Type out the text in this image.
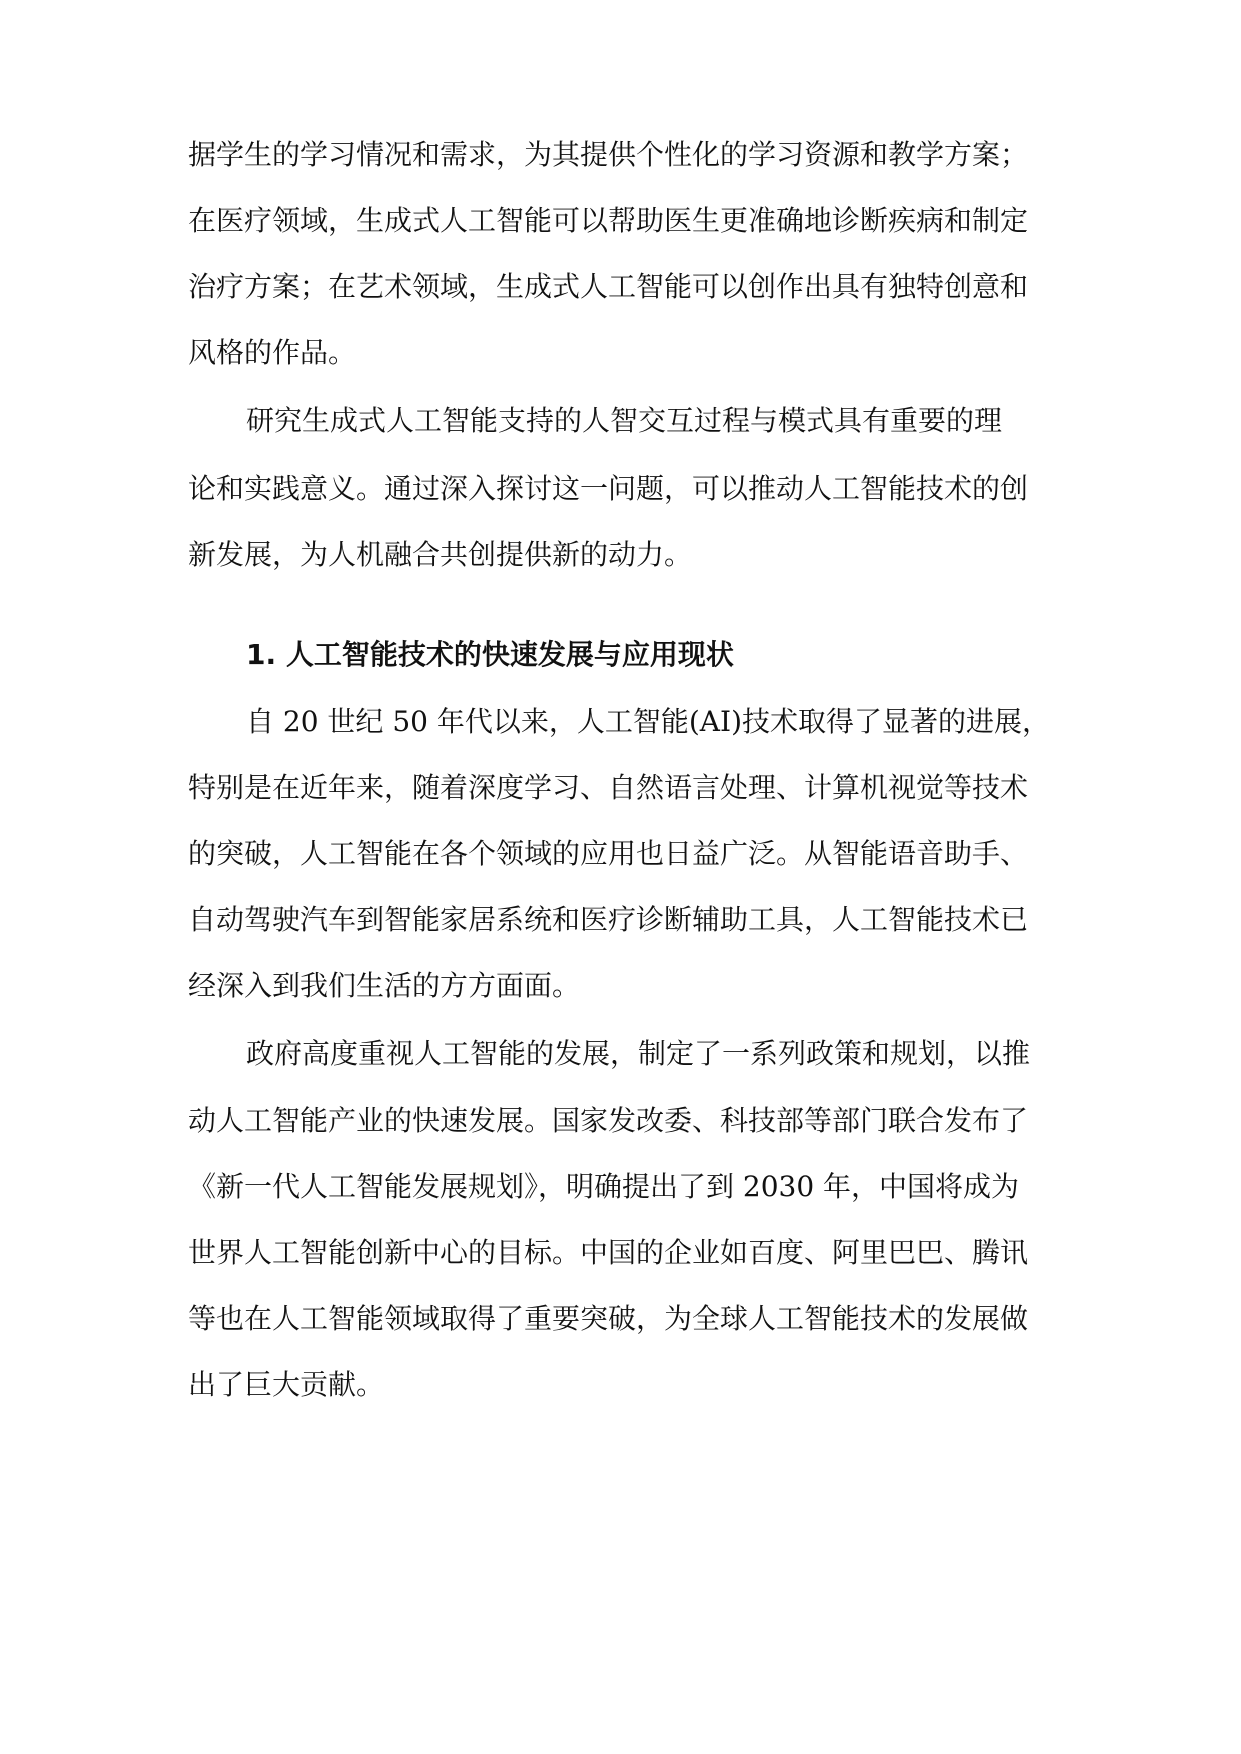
据学生的学习情况和需求，为其提供个性化的学习资源和教学方案；
在医疗领域，生成式人工智能可以帮助医生更准确地诊断疾病和制定
治疗方案；在艺术领域，生成式人工智能可以创作出具有独特创意和
风格的作品。
研究生成式人工智能支持的人智交互过程与模式具有重要的理
论和实践意义。通过深入探讨这一问题，可以推动人工智能技术的创
新发展，为人机融合共创提供新的动力。
1. 人工智能技术的快速发展与应用现状
自 20 世纪 50 年代以来，人工智能(AI)技术取得了显著的进展，
特别是在近年来，随着深度学习、自然语言处理、计算机视觉等技术
的突破，人工智能在各个领域的应用也日益广泛。从智能语音助手、
自动驾驶汽车到智能家居系统和医疗诊断辅助工具，人工智能技术已
经深入到我们生活的方方面面。
政府高度重视人工智能的发展，制定了一系列政策和规划，以推
动人工智能产业的快速发展。国家发改委、科技部等部门联合发布了
《新一代人工智能发展规划》，明确提出了到 2030 年，中国将成为
世界人工智能创新中心的目标。中国的企业如百度、阿里巴巴、腾讯
等也在人工智能领域取得了重要突破，为全球人工智能技术的发展做
出了巨大贡献。
